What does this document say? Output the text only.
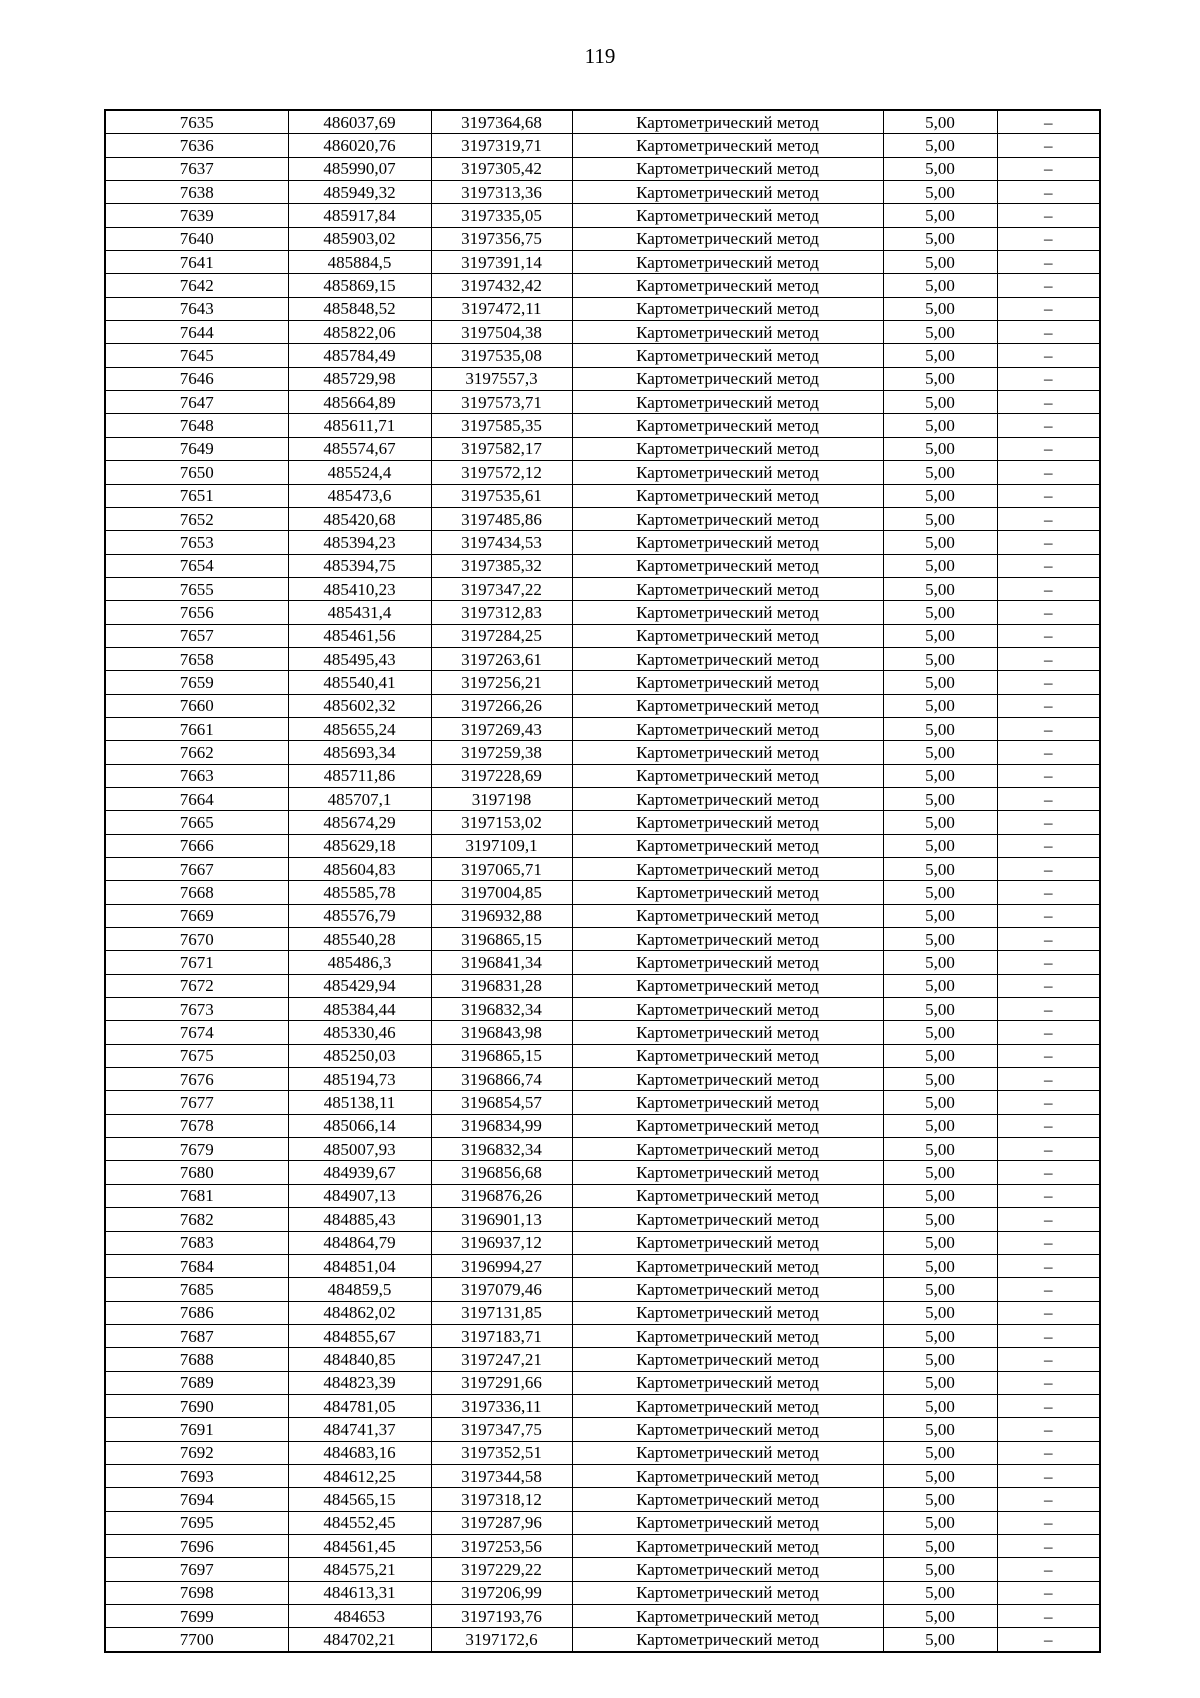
119
7635	486037,69	3197364,68	Картометрический метод	5,00	–
7636	486020,76	3197319,71	Картометрический метод	5,00	–
7637	485990,07	3197305,42	Картометрический метод	5,00	–
7638	485949,32	3197313,36	Картометрический метод	5,00	–
7639	485917,84	3197335,05	Картометрический метод	5,00	–
7640	485903,02	3197356,75	Картометрический метод	5,00	–
7641	485884,5	3197391,14	Картометрический метод	5,00	–
7642	485869,15	3197432,42	Картометрический метод	5,00	–
7643	485848,52	3197472,11	Картометрический метод	5,00	–
7644	485822,06	3197504,38	Картометрический метод	5,00	–
7645	485784,49	3197535,08	Картометрический метод	5,00	–
7646	485729,98	3197557,3	Картометрический метод	5,00	–
7647	485664,89	3197573,71	Картометрический метод	5,00	–
7648	485611,71	3197585,35	Картометрический метод	5,00	–
7649	485574,67	3197582,17	Картометрический метод	5,00	–
7650	485524,4	3197572,12	Картометрический метод	5,00	–
7651	485473,6	3197535,61	Картометрический метод	5,00	–
7652	485420,68	3197485,86	Картометрический метод	5,00	–
7653	485394,23	3197434,53	Картометрический метод	5,00	–
7654	485394,75	3197385,32	Картометрический метод	5,00	–
7655	485410,23	3197347,22	Картометрический метод	5,00	–
7656	485431,4	3197312,83	Картометрический метод	5,00	–
7657	485461,56	3197284,25	Картометрический метод	5,00	–
7658	485495,43	3197263,61	Картометрический метод	5,00	–
7659	485540,41	3197256,21	Картометрический метод	5,00	–
7660	485602,32	3197266,26	Картометрический метод	5,00	–
7661	485655,24	3197269,43	Картометрический метод	5,00	–
7662	485693,34	3197259,38	Картометрический метод	5,00	–
7663	485711,86	3197228,69	Картометрический метод	5,00	–
7664	485707,1	3197198	Картометрический метод	5,00	–
7665	485674,29	3197153,02	Картометрический метод	5,00	–
7666	485629,18	3197109,1	Картометрический метод	5,00	–
7667	485604,83	3197065,71	Картометрический метод	5,00	–
7668	485585,78	3197004,85	Картометрический метод	5,00	–
7669	485576,79	3196932,88	Картометрический метод	5,00	–
7670	485540,28	3196865,15	Картометрический метод	5,00	–
7671	485486,3	3196841,34	Картометрический метод	5,00	–
7672	485429,94	3196831,28	Картометрический метод	5,00	–
7673	485384,44	3196832,34	Картометрический метод	5,00	–
7674	485330,46	3196843,98	Картометрический метод	5,00	–
7675	485250,03	3196865,15	Картометрический метод	5,00	–
7676	485194,73	3196866,74	Картометрический метод	5,00	–
7677	485138,11	3196854,57	Картометрический метод	5,00	–
7678	485066,14	3196834,99	Картометрический метод	5,00	–
7679	485007,93	3196832,34	Картометрический метод	5,00	–
7680	484939,67	3196856,68	Картометрический метод	5,00	–
7681	484907,13	3196876,26	Картометрический метод	5,00	–
7682	484885,43	3196901,13	Картометрический метод	5,00	–
7683	484864,79	3196937,12	Картометрический метод	5,00	–
7684	484851,04	3196994,27	Картометрический метод	5,00	–
7685	484859,5	3197079,46	Картометрический метод	5,00	–
7686	484862,02	3197131,85	Картометрический метод	5,00	–
7687	484855,67	3197183,71	Картометрический метод	5,00	–
7688	484840,85	3197247,21	Картометрический метод	5,00	–
7689	484823,39	3197291,66	Картометрический метод	5,00	–
7690	484781,05	3197336,11	Картометрический метод	5,00	–
7691	484741,37	3197347,75	Картометрический метод	5,00	–
7692	484683,16	3197352,51	Картометрический метод	5,00	–
7693	484612,25	3197344,58	Картометрический метод	5,00	–
7694	484565,15	3197318,12	Картометрический метод	5,00	–
7695	484552,45	3197287,96	Картометрический метод	5,00	–
7696	484561,45	3197253,56	Картометрический метод	5,00	–
7697	484575,21	3197229,22	Картометрический метод	5,00	–
7698	484613,31	3197206,99	Картометрический метод	5,00	–
7699	484653	3197193,76	Картометрический метод	5,00	–
7700	484702,21	3197172,6	Картометрический метод	5,00	–
